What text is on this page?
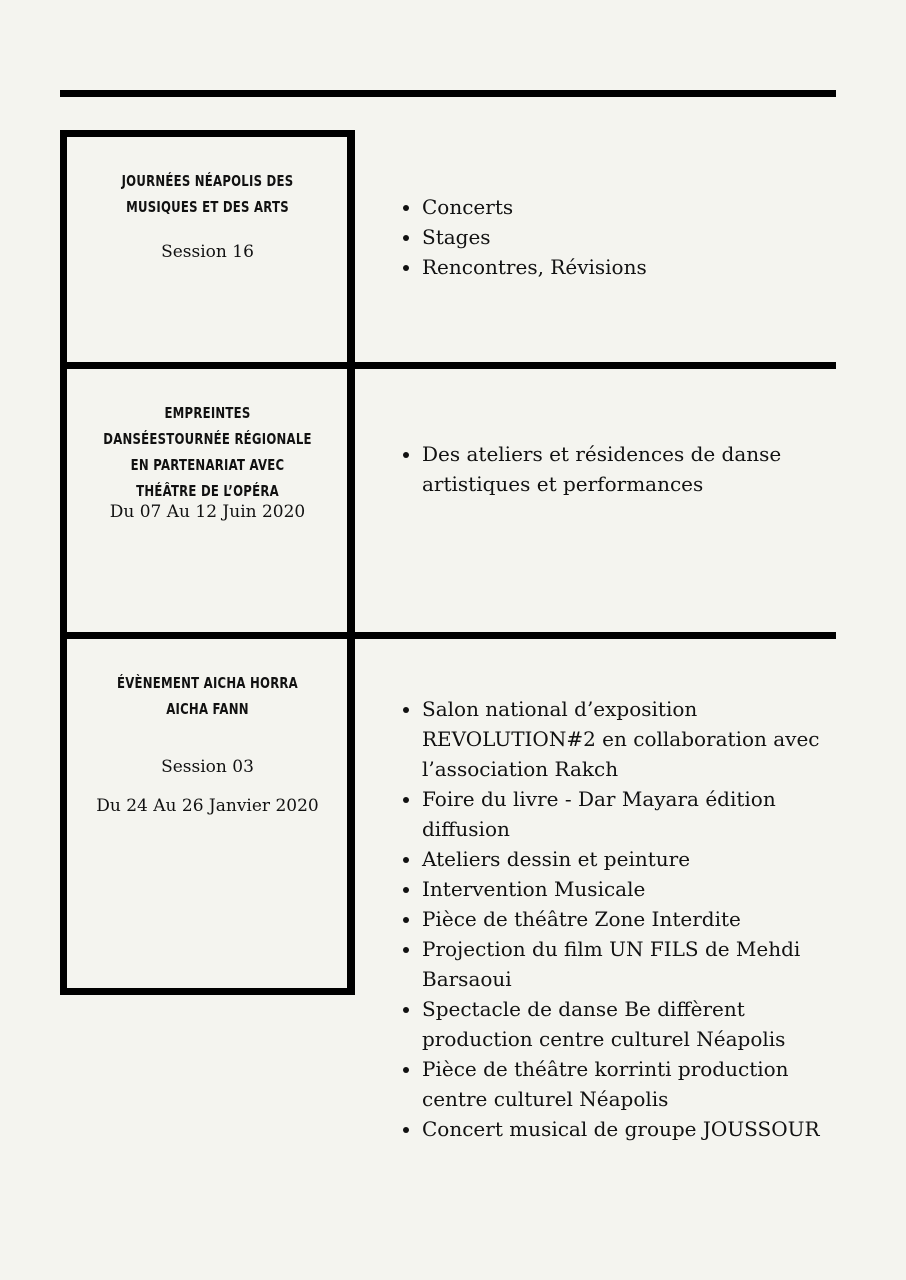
JOURNÉES NÉAPOLIS DES MUSIQUES ET DES ARTS

Session 16

• Concerts
• Stages
• Rencontres, Révisions
EMPREINTES DANSÉESTOURNÉE RÉGIONALE EN PARTENARIAT AVEC THÉÂTRE DE L’OPÉRA

Du 07 Au 12 Juin 2020

• Des ateliers et résidences de danse artistiques et performances
ÉVÈNEMENT AICHA HORRA AICHA FANN

Session 03

Du 24 Au 26 Janvier 2020

• Salon national d’exposition REVOLUTION#2 en collaboration avec l’association Rakch
• Foire du livre - Dar Mayara édition diffusion
• Ateliers dessin et peinture
• Intervention Musicale
• Pièce de théâtre Zone Interdite
• Projection du film UN FILS de Mehdi Barsaoui
• Spectacle de danse Be diffèrent production centre culturel Néapolis
• Pièce de théâtre korrinti production centre culturel Néapolis
• Concert musical de groupe JOUSSOUR
